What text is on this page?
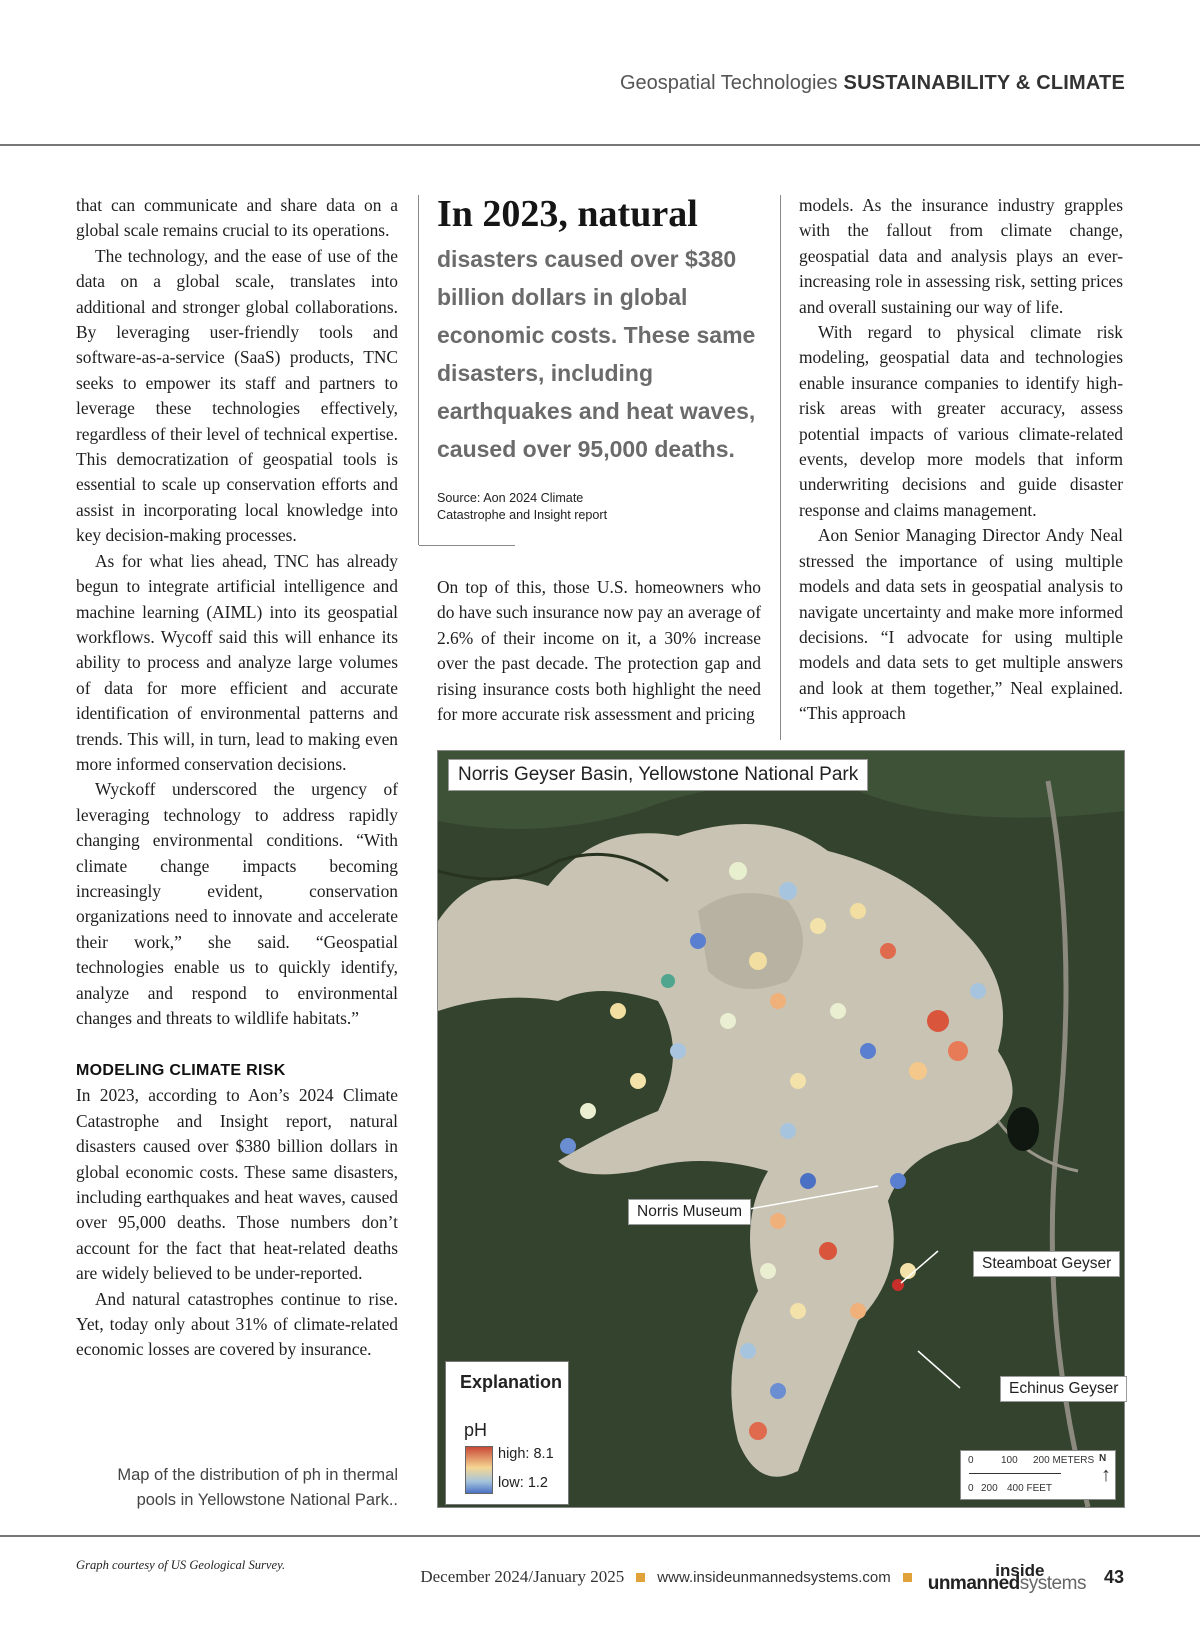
Geospatial Technologies SUSTAINABILITY & CLIMATE

that can communicate and share data on a global scale remains crucial to its operations.

The technology, and the ease of use of the data on a global scale, translates into additional and stronger global collaborations. By leveraging user-friendly tools and software-as-a-service (SaaS) products, TNC seeks to empower its staff and partners to leverage these technologies effectively, regardless of their level of technical expertise. This democratization of geospatial tools is essential to scale up conservation efforts and assist in incorporating local knowledge into key decision-making processes.

As for what lies ahead, TNC has already begun to integrate artificial intelligence and machine learning (AIML) into its geospatial workflows. Wycoff said this will enhance its ability to process and analyze large volumes of data for more efficient and accurate identification of environmental patterns and trends. This will, in turn, lead to making even more informed conservation decisions.

Wyckoff underscored the urgency of leveraging technology to address rapidly changing environmental conditions. “With climate change impacts becoming increasingly evident, conservation organizations need to innovate and accelerate their work,” she said. “Geospatial technologies enable us to quickly identify, analyze and respond to environmental changes and threats to wildlife habitats.”

MODELING CLIMATE RISK

In 2023, according to Aon’s 2024 Climate Catastrophe and Insight report, natural disasters caused over $380 billion dollars in global economic costs. These same disasters, including earthquakes and heat waves, caused over 95,000 deaths. Those numbers don’t account for the fact that heat-related deaths are widely believed to be under-reported.

And natural catastrophes continue to rise. Yet, today only about 31% of climate-related economic losses are covered by insurance.

Map of the distribution of ph in thermal pools in Yellowstone National Park..

In 2023, natural

disasters caused over $380 billion dollars in global economic costs. These same disasters, including earthquakes and heat waves, caused over 95,000 deaths.

Source: Aon 2024 Climate
Catastrophe and Insight report

On top of this, those U.S. homeowners who do have such insurance now pay an average of 2.6% of their income on it, a 30% increase over the past decade. The protection gap and rising insurance costs both highlight the need for more accurate risk assessment and pricing

models. As the insurance industry grapples with the fallout from climate change, geospatial data and analysis plays an ever-increasing role in assessing risk, setting prices and overall sustaining our way of life.

With regard to physical climate risk modeling, geospatial data and technologies enable insurance companies to identify high-risk areas with greater accuracy, assess potential impacts of various climate-related events, develop more models that inform underwriting decisions and guide disaster response and claims management.

Aon Senior Managing Director Andy Neal stressed the importance of using multiple models and data sets in geospatial analysis to navigate uncertainty and make more informed decisions. “I advocate for using multiple models and data sets to get multiple answers and look at them together,” Neal explained. “This approach

Norris Geyser Basin, Yellowstone National Park
Norris Museum
Steamboat Geyser
Echinus Geyser
Explanation
pH
high: 8.1
low: 1.2
0	100 200 METERS
0 200 400 FEET
N
↑
Graph courtesy of US Geological Survey.
December 2024/January 2025 www.insideunmannedsystems.com	inside
unmannedsystems 43
